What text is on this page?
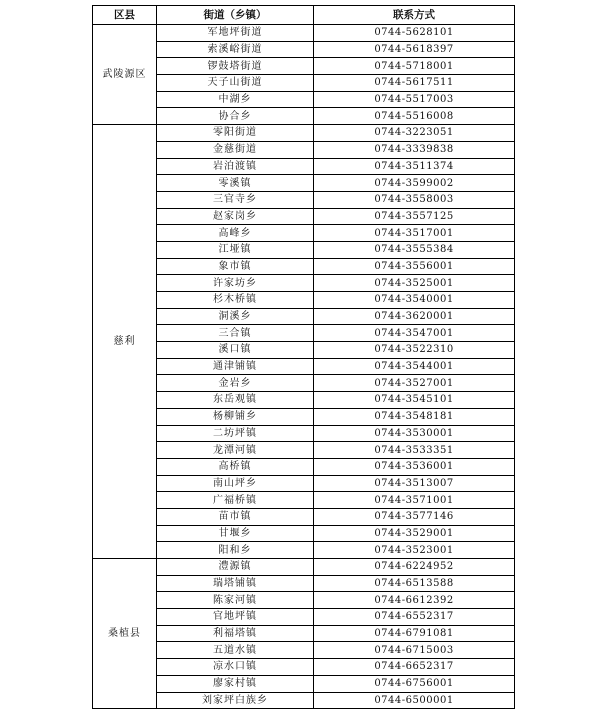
区县	街道（乡镇）	联系方式
武陵源区	军地坪街道	0744-5628101
	索溪峪街道	0744-5618397
	锣鼓塔街道	0744-5718001
	天子山街道	0744-5617511
	中湖乡	0744-5517003
	协合乡	0744-5516008
慈利	零阳街道	0744-3223051
	金慈街道	0744-3339838
	岩泊渡镇	0744-3511374
	零溪镇	0744-3599002
	三官寺乡	0744-3558003
	赵家岗乡	0744-3557125
	高峰乡	0744-3517001
	江垭镇	0744-3555384
	象市镇	0744-3556001
	许家坊乡	0744-3525001
	杉木桥镇	0744-3540001
	洞溪乡	0744-3620001
	三合镇	0744-3547001
	溪口镇	0744-3522310
	通津铺镇	0744-3544001
	金岩乡	0744-3527001
	东岳观镇	0744-3545101
	杨柳铺乡	0744-3548181
	二坊坪镇	0744-3530001
	龙潭河镇	0744-3533351
	高桥镇	0744-3536001
	南山坪乡	0744-3513007
	广福桥镇	0744-3571001
	苗市镇	0744-3577146
	甘堰乡	0744-3529001
	阳和乡	0744-3523001
桑植县	澧源镇	0744-6224952
	瑞塔铺镇	0744-6513588
	陈家河镇	0744-6612392
	官地坪镇	0744-6552317
	利福塔镇	0744-6791081
	五道水镇	0744-6715003
	凉水口镇	0744-6652317
	廖家村镇	0744-6756001
	刘家坪白族乡	0744-6500001
